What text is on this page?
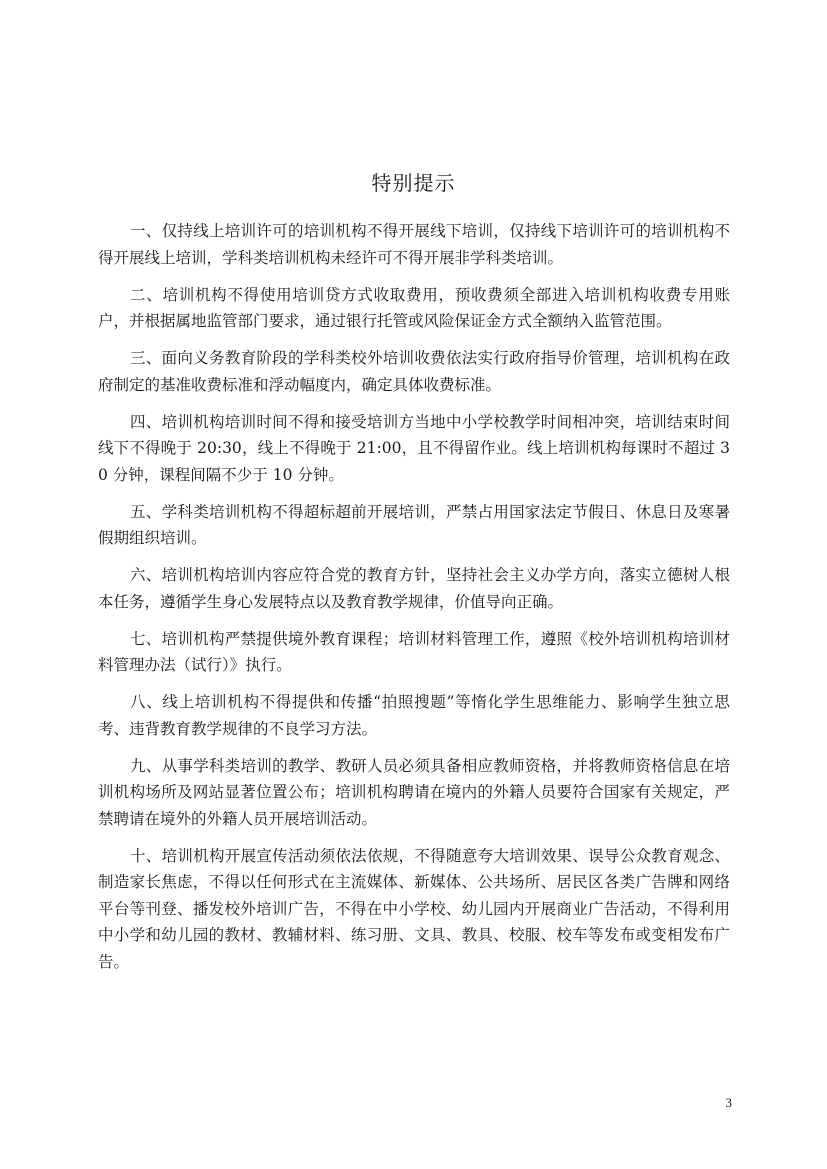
特别提示

一、仅持线上培训许可的培训机构不得开展线下培训，仅持线下培训许可的培训机构不得开展线上培训，学科类培训机构未经许可不得开展非学科类培训。

二、培训机构不得使用培训贷方式收取费用，预收费须全部进入培训机构收费专用账户，并根据属地监管部门要求，通过银行托管或风险保证金方式全额纳入监管范围。

三、面向义务教育阶段的学科类校外培训收费依法实行政府指导价管理，培训机构在政府制定的基准收费标准和浮动幅度内，确定具体收费标准。

四、培训机构培训时间不得和接受培训方当地中小学校教学时间相冲突，培训结束时间线下不得晚于 20:30，线上不得晚于 21:00，且不得留作业。线上培训机构每课时不超过 30 分钟，课程间隔不少于 10 分钟。

五、学科类培训机构不得超标超前开展培训，严禁占用国家法定节假日、休息日及寒暑假期组织培训。

六、培训机构培训内容应符合党的教育方针，坚持社会主义办学方向，落实立德树人根本任务，遵循学生身心发展特点以及教育教学规律，价值导向正确。

七、培训机构严禁提供境外教育课程；培训材料管理工作，遵照《校外培训机构培训材料管理办法（试行）》执行。

八、线上培训机构不得提供和传播“拍照搜题”等惰化学生思维能力、影响学生独立思考、违背教育教学规律的不良学习方法。

九、从事学科类培训的教学、教研人员必须具备相应教师资格，并将教师资格信息在培训机构场所及网站显著位置公布；培训机构聘请在境内的外籍人员要符合国家有关规定，严禁聘请在境外的外籍人员开展培训活动。

十、培训机构开展宣传活动须依法依规，不得随意夸大培训效果、误导公众教育观念、制造家长焦虑，不得以任何形式在主流媒体、新媒体、公共场所、居民区各类广告牌和网络平台等刊登、播发校外培训广告，不得在中小学校、幼儿园内开展商业广告活动，不得利用中小学和幼儿园的教材、教辅材料、练习册、文具、教具、校服、校车等发布或变相发布广告。

3
